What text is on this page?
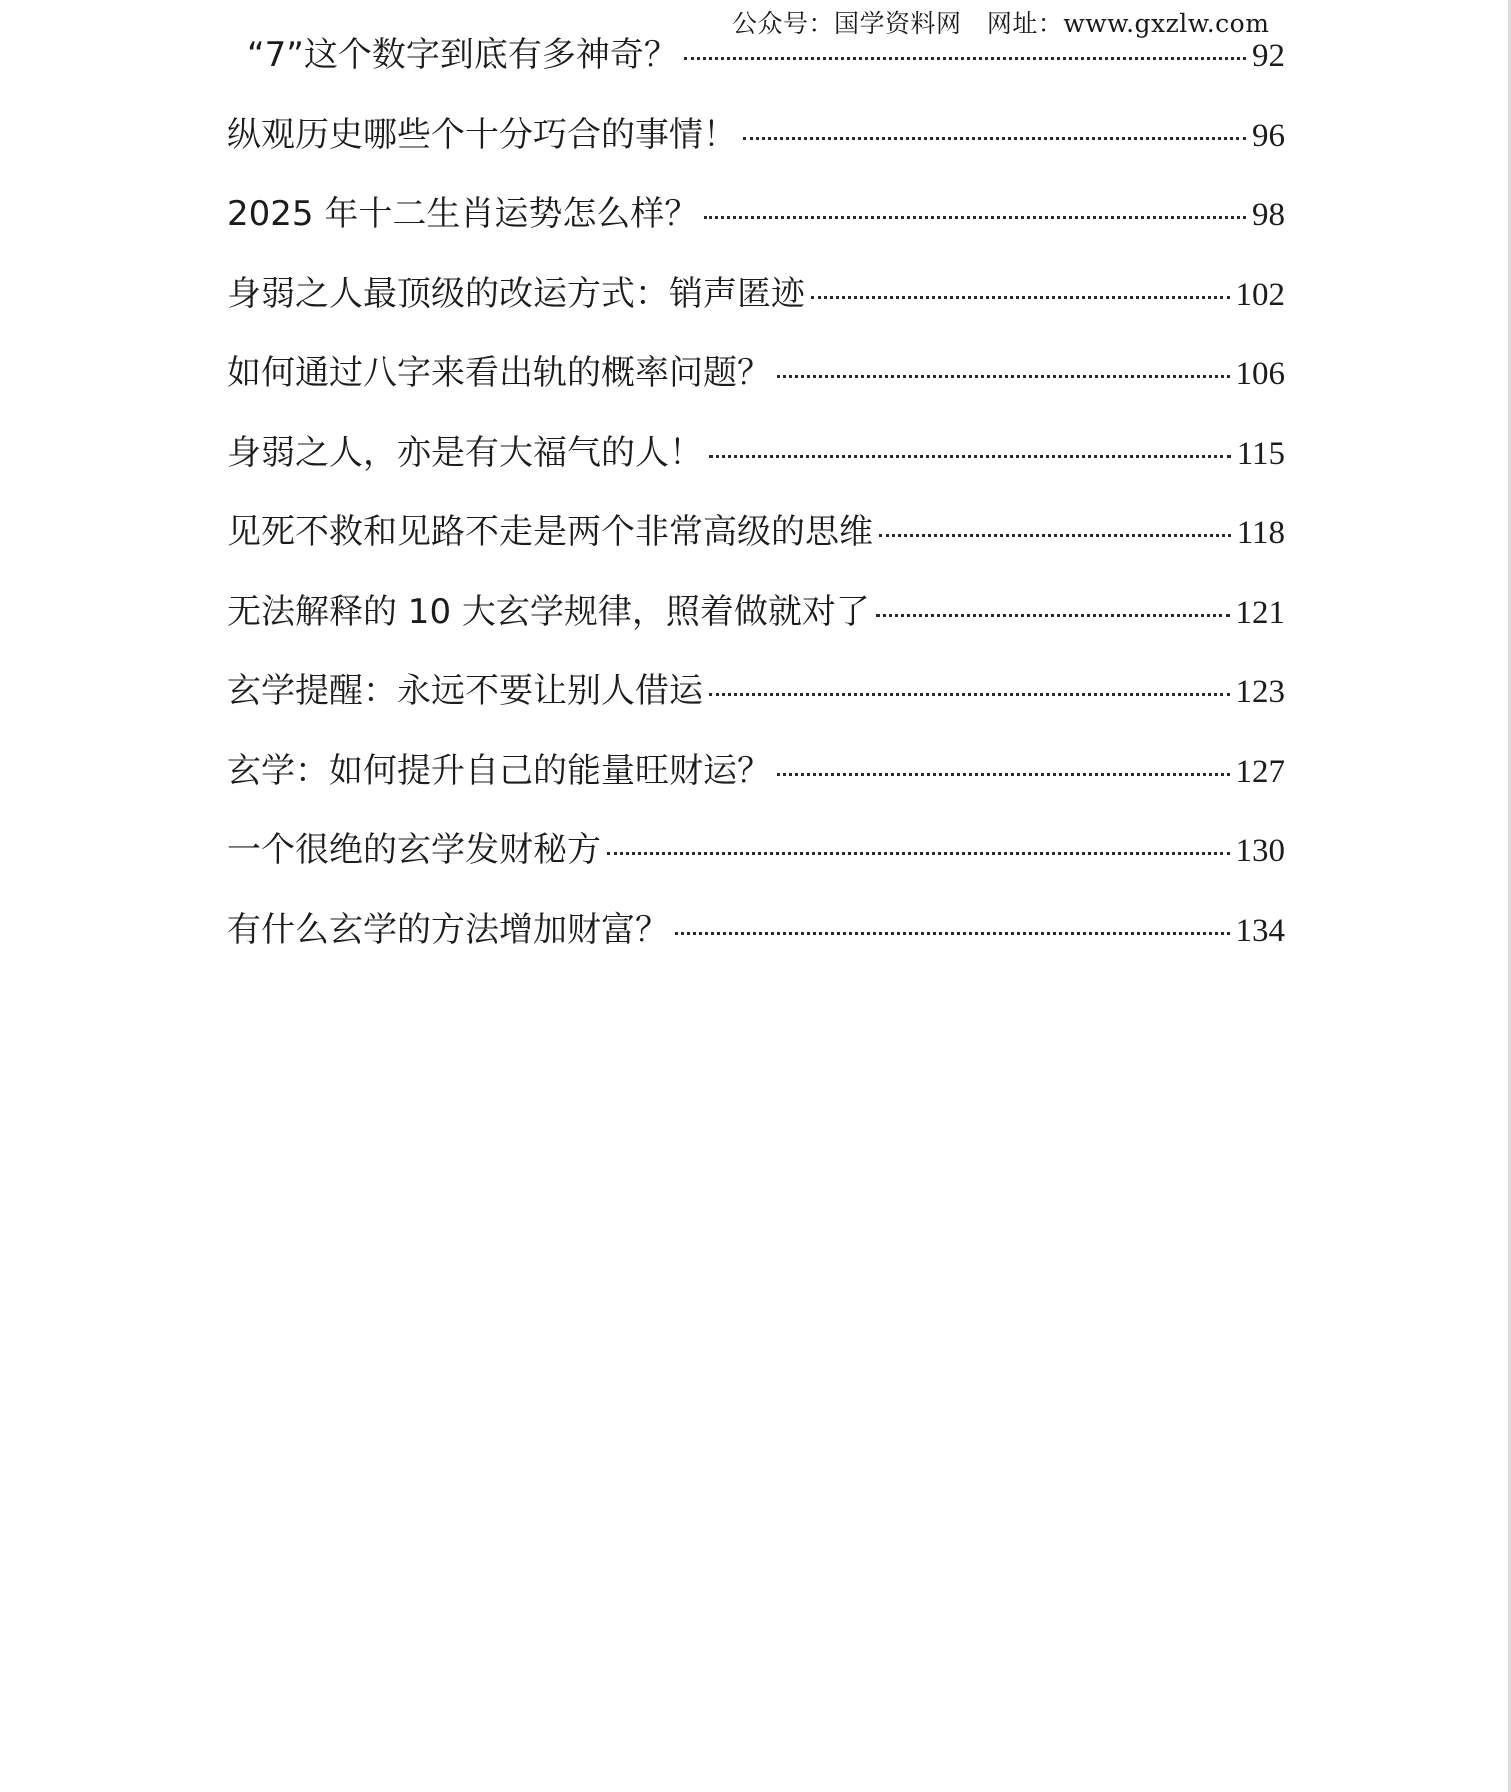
公众号：国学资料网   网址：www.gxzlw.com
“7”这个数字到底有多神奇？	92
纵观历史哪些个十分巧合的事情！	96
2025 年十二生肖运势怎么样？	98
身弱之人最顶级的改运方式：销声匿迹	102
如何通过八字来看出轨的概率问题？	106
身弱之人，亦是有大福气的人！	115
见死不救和见路不走是两个非常高级的思维	118
无法解释的 10 大玄学规律，照着做就对了	121
玄学提醒：永远不要让别人借运	123
玄学：如何提升自己的能量旺财运？	127
一个很绝的玄学发财秘方	130
有什么玄学的方法增加财富？	134
